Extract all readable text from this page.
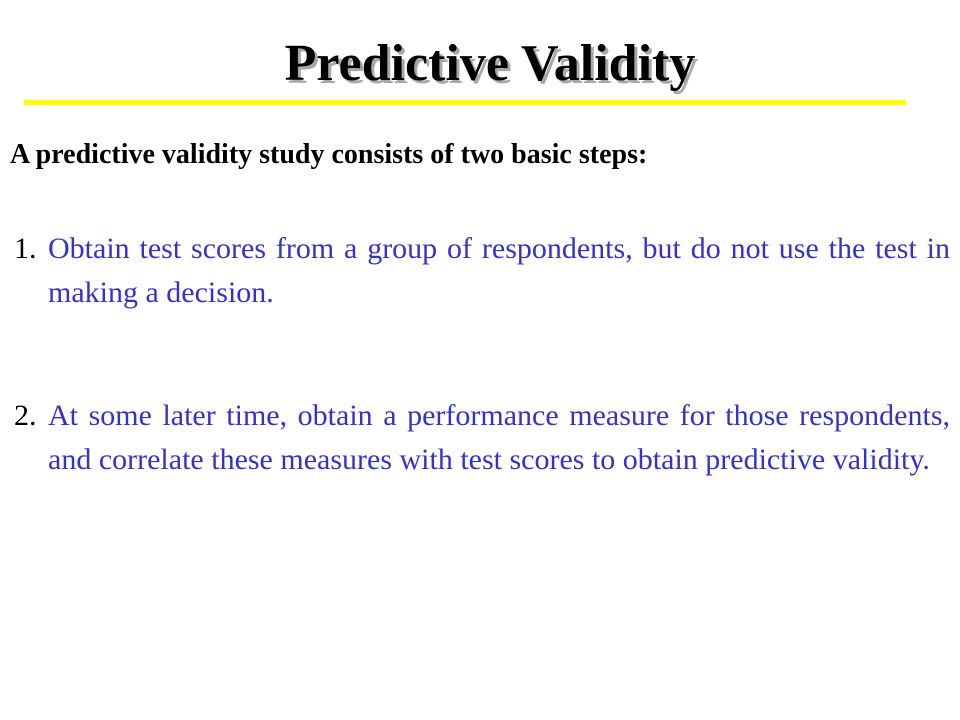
Predictive Validity
A predictive validity study consists of two basic steps:
1. Obtain test scores from a group of respondents, but do not use the test in making a decision.
2. At some later time, obtain a performance measure for those respondents, and correlate these measures with test scores to obtain predictive validity.
